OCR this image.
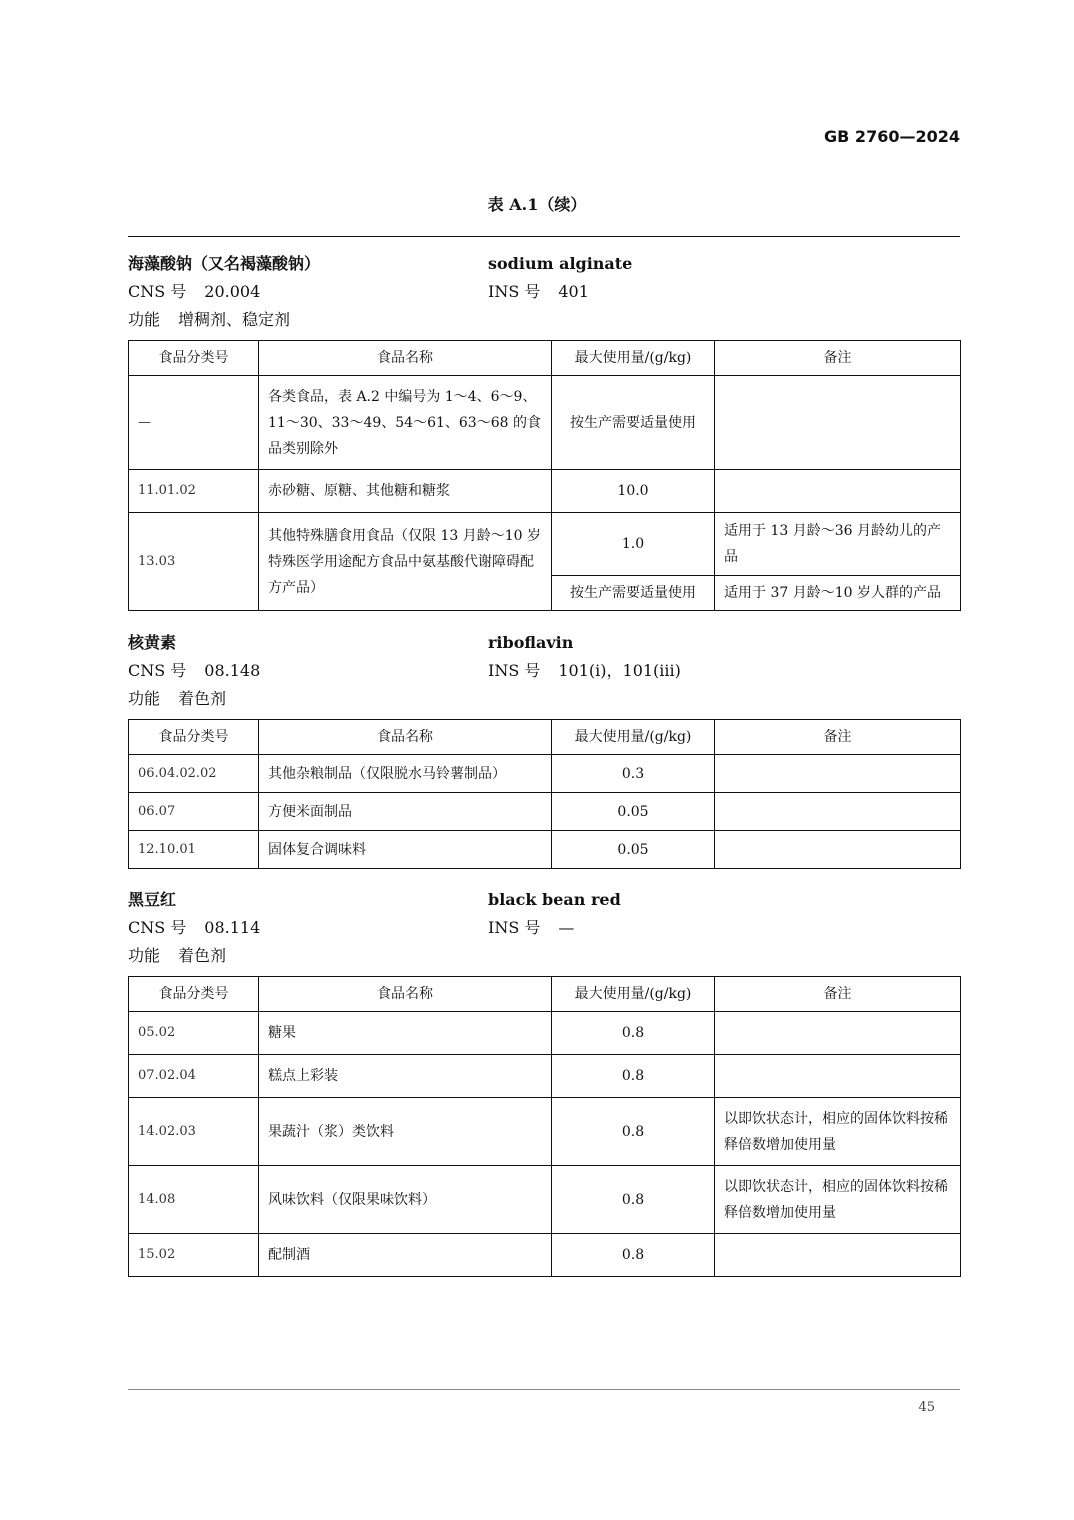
GB 2760—2024
表 A.1（续）
海藻酸钠（又名褐藻酸钠）	sodium alginate
CNS 号 20.004	INS 号 401
功能 增稠剂、稳定剂
食品分类号	食品名称	最大使用量/(g/kg)	备注
—	各类食品，表 A.2 中编号为 1～4、6～9、11～30、33～49、54～61、63～68 的食品类别除外	按生产需要适量使用	
11.01.02	赤砂糖、原糖、其他糖和糖浆	10.0	
13.03	其他特殊膳食用食品（仅限 13 月龄～10 岁特殊医学用途配方食品中氨基酸代谢障碍配方产品）	1.0	适用于 13 月龄～36 月龄幼儿的产品
		按生产需要适量使用	适用于 37 月龄～10 岁人群的产品
核黄素	riboflavin
CNS 号 08.148	INS 号 101(i)，101(iii)
功能 着色剂
食品分类号	食品名称	最大使用量/(g/kg)	备注
06.04.02.02	其他杂粮制品（仅限脱水马铃薯制品）	0.3	
06.07	方便米面制品	0.05	
12.10.01	固体复合调味料	0.05	
黑豆红	black bean red
CNS 号 08.114	INS 号 —
功能 着色剂
食品分类号	食品名称	最大使用量/(g/kg)	备注
05.02	糖果	0.8	
07.02.04	糕点上彩装	0.8	
14.02.03	果蔬汁（浆）类饮料	0.8	以即饮状态计，相应的固体饮料按稀释倍数增加使用量
14.08	风味饮料（仅限果味饮料）	0.8	以即饮状态计，相应的固体饮料按稀释倍数增加使用量
15.02	配制酒	0.8	
45
